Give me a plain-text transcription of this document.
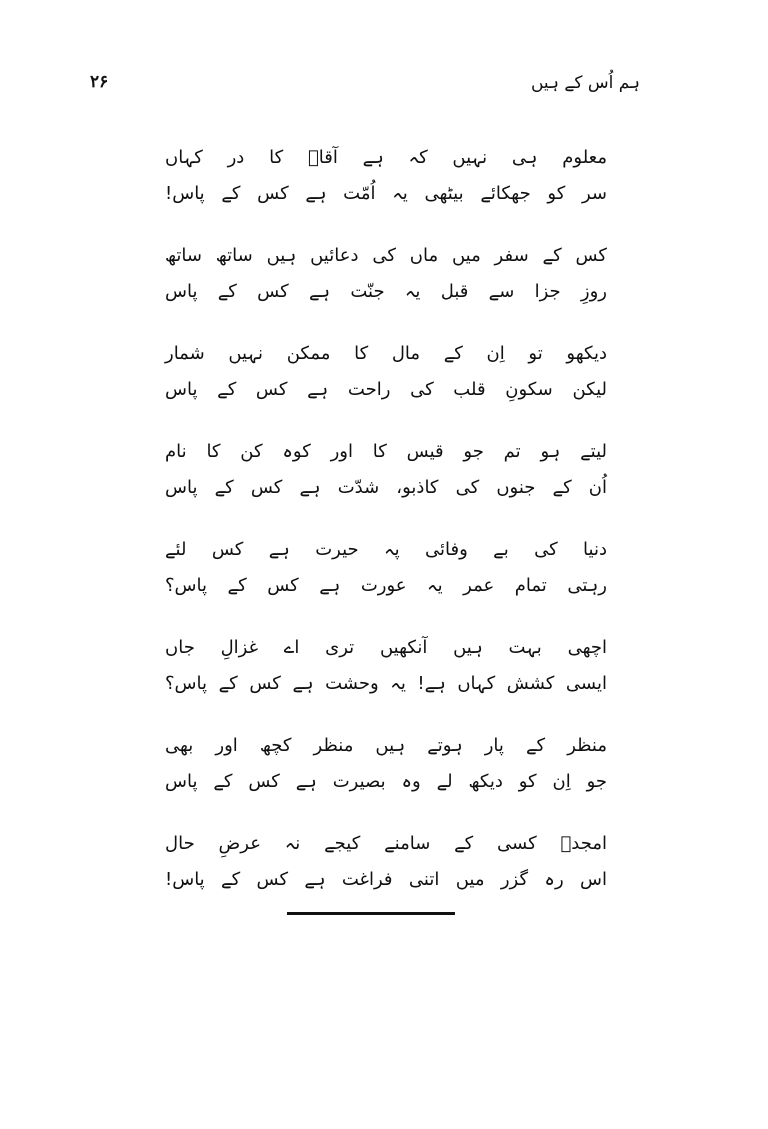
۲۶	ہم اُس کے ہیں
معلوم ہی نہیں کہ ہے آقاؐ کا در کہاں
سر کو جھکائے بیٹھی یہ اُمّت ہے کس کے پاس!
کس کے سفر میں ماں کی دعائیں ہیں ساتھ ساتھ
روزِ جزا سے قبل یہ جنّت ہے کس کے پاس
دیکھو تو اِن کے مال کا ممکن نہیں شمار
لیکن سکونِ قلب کی راحت ہے کس کے پاس
لیتے ہو تم جو قیس کا اور کوہ کن کا نام
اُن کے جنوں کی کاذبو، شدّت ہے کس کے پاس
دنیا کی بے وفائی پہ حیرت ہے کس لئے
رہتی تمام عمر یہ عورت ہے کس کے پاس؟
اچھی بہت ہیں آنکھیں تری اے غزالِ جاں
ایسی کشش کہاں ہے! یہ وحشت ہے کس کے پاس؟
منظر کے پار ہوتے ہیں منظر کچھ اور بھی
جو اِن کو دیکھ لے وہ بصیرت ہے کس کے پاس
امجدؔ کسی کے سامنے کیجے نہ عرضِ حال
اس رہ گزر میں اتنی فراغت ہے کس کے پاس!
